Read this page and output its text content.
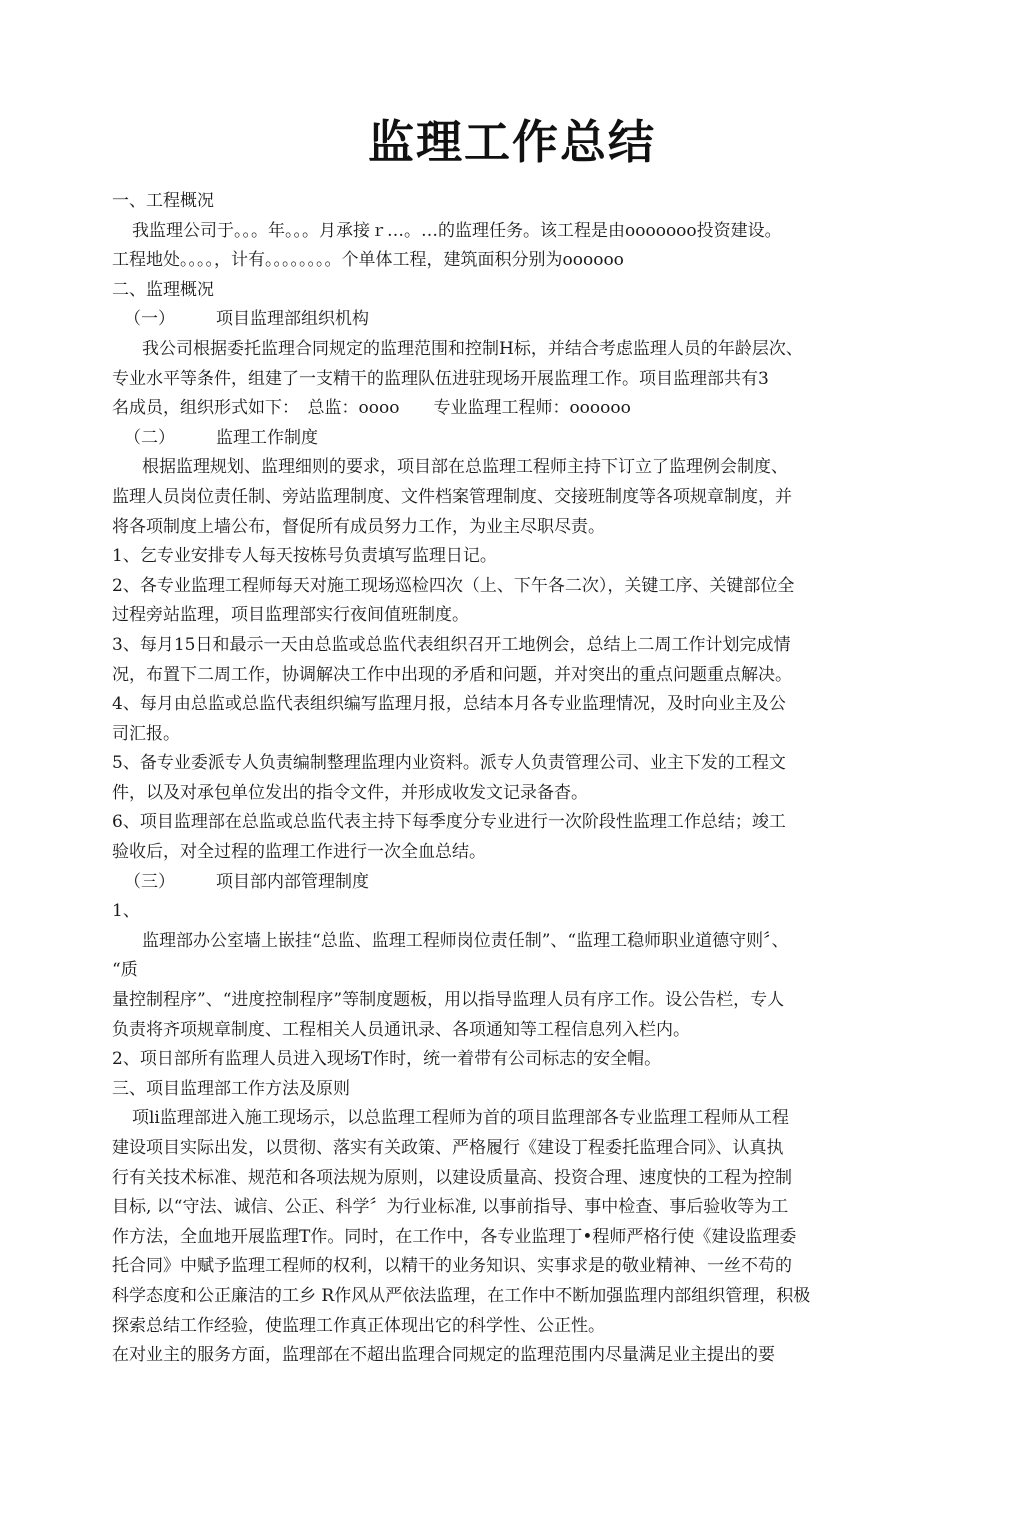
监理工作总结
一、工程概况
我监理公司于。。。年。。。月承接ｒ…。…的监理任务。该工程是由ooooooo投资建设。
工程地处。。。。，计有。。。。。。。。个单体工程，建筑面积分别为oooooo
二、监理概况
（一） 项目监理部组织机构
我公司根据委托监理合同规定的监理范围和控制H标，并结合考虑监理人员的年龄层次、
专业水平等条件，组建了一支精干的监理队伍进驻现场开展监理工作。项目监理部共有3
名成员，组织形式如下：　总监：oooo　　专业监理工程师：oooooo
（二） 监理工作制度
根据监理规划、监理细则的要求，项目部在总监理工程师主持下订立了监理例会制度、
监理人员岗位责任制、旁站监理制度、文件档案管理制度、交接班制度等各项规章制度，并
将各项制度上墙公布，督促所有成员努力工作，为业主尽职尽责。
1、乞专业安排专人每天按栋号负责填写监理日记。
2、各专业监理工程师每天对施工现场巡检四次（上、下午各二次），关键工序、关键部位全
过程旁站监理，项目监理部实行夜间值班制度。
3、每月15日和最示一天由总监或总监代表组织召开工地例会，总结上二周工作计划完成情
况，布置下二周工作，协调解决工作中出现的矛盾和问题，并对突出的重点问题重点解决。
4、每月由总监或总监代表组织编写监理月报，总结本月各专业监理情况，及时向业主及公
司汇报。
5、备专业委派专人负责编制整理监理内业资料。派专人负责管理公司、业主下发的工程文
件，以及对承包单位发出的指令文件，并形成收发文记录备杳。
6、项目监理部在总监或总监代表主持下每季度分专业进行一次阶段性监理工作总结；竣工
验收后，对全过程的监理工作进行一次全血总结。
（三） 项目部内部管理制度
1、
监理部办公室墙上嵌挂“总监、监理工程师岗位责任制”、“监理工稳师职业道德守则〞、
“质
量控制程序”、“进度控制程序”等制度题板，用以指导监理人员有序工作。设公告栏，专人
负责将齐项规章制度、工程相关人员通讯录、各项通知等工程信息列入栏内。
2、项日部所有监理人员进入现场T作时，统一着带有公司标志的安全帽。
三、项目监理部工作方法及原则
项li监理部进入施工现场示，以总监理工程师为首的项目监理部各专业监理工程师从工程
建设项目实际出发，以贯彻、落实有关政策、严格履行《建设丁程委托监理合同》、认真执
行有关技术标准、规范和各项法规为原则，以建设质量高、投资合理、速度快的工程为控制
目标, 以“守法、诚信、公正、科学〞为行业标准, 以事前指导、事中检查、事后验收等为工
作方法，全血地开展监理T作。同时，在工作中，各专业监理丁•程师严格行使《建设监理委
托合同》中赋予监理工程师的权利，以精干的业务知识、实事求是的敬业精神、一丝不苟的
科学态度和公正廉洁的工乡 R作风从严依法监理，在工作中不断加强监理内部组织管理，积极
探索总结工作经验，使监理工作真正体现出它的科学性、公正性。
在对业主的服务方面，监理部在不超出监理合同规定的监理范围内尽量满足业主提出的要
